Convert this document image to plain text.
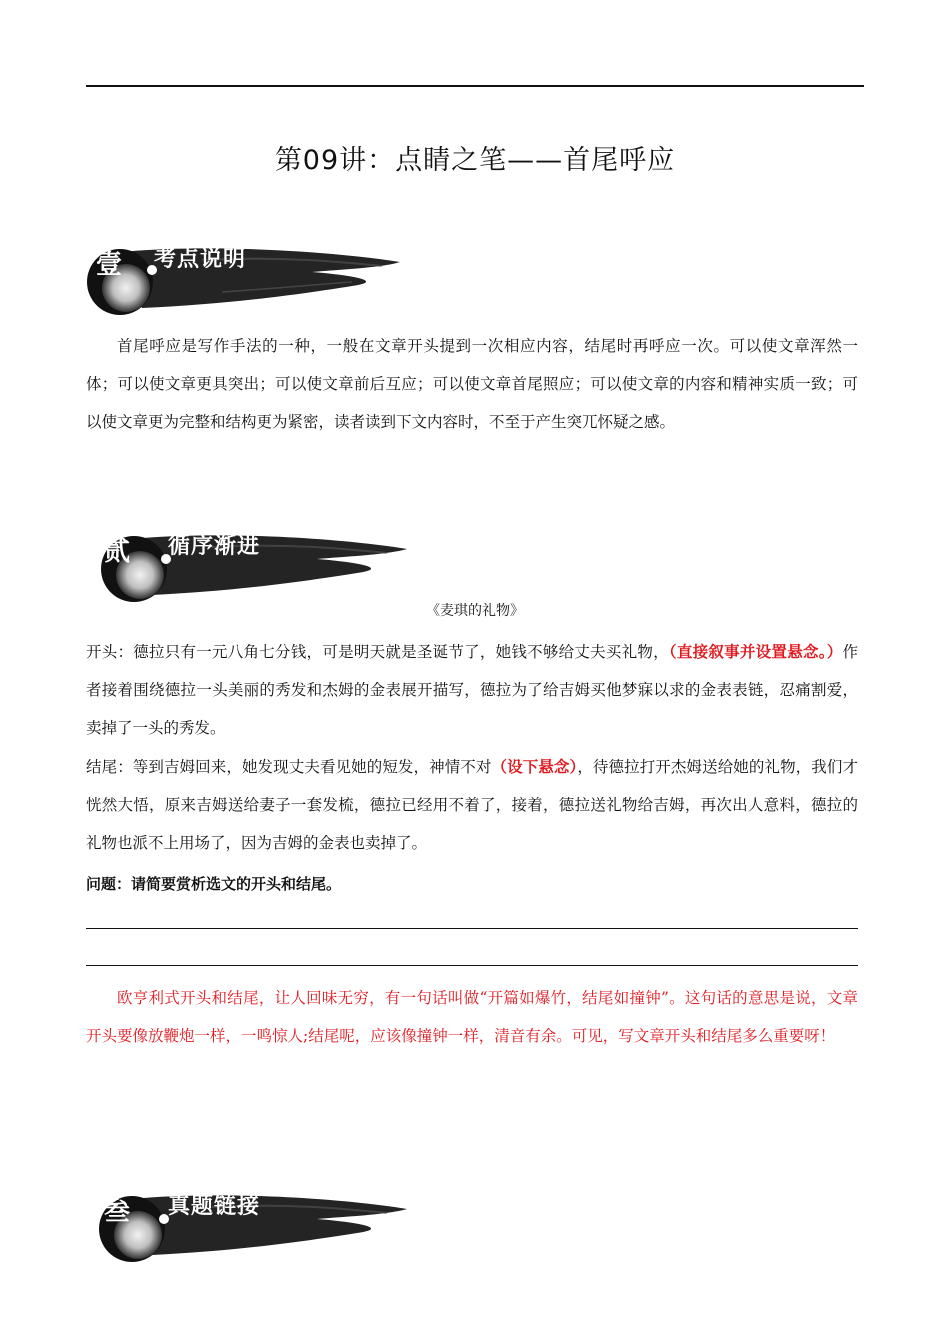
第09讲：点睛之笔——首尾呼应
壹 考点说明
首尾呼应是写作手法的一种，一般在文章开头提到一次相应内容，结尾时再呼应一次。可以使文章浑然一体；可以使文章更具突出；可以使文章前后互应；可以使文章首尾照应；可以使文章的内容和精神实质一致；可以使文章更为完整和结构更为紧密，读者读到下文内容时，不至于产生突兀怀疑之感。
贰 循序渐进
《麦琪的礼物》
开头：德拉只有一元八角七分钱，可是明天就是圣诞节了，她钱不够给丈夫买礼物，（直接叙事并设置悬念。）作者接着围绕德拉一头美丽的秀发和杰姆的金表展开描写，德拉为了给吉姆买他梦寐以求的金表表链，忍痛割爱，卖掉了一头的秀发。
结尾：等到吉姆回来，她发现丈夫看见她的短发，神情不对（设下悬念），待德拉打开杰姆送给她的礼物，我们才恍然大悟，原来吉姆送给妻子一套发梳，德拉已经用不着了，接着，德拉送礼物给吉姆，再次出人意料，德拉的礼物也派不上用场了，因为吉姆的金表也卖掉了。
问题：请简要赏析选文的开头和结尾。
欧亨利式开头和结尾，让人回味无穷，有一句话叫做“开篇如爆竹，结尾如撞钟”。这句话的意思是说，文章开头要像放鞭炮一样，一鸣惊人;结尾呢，应该像撞钟一样，清音有余。可见，写文章开头和结尾多么重要呀！
叁 真题链接
